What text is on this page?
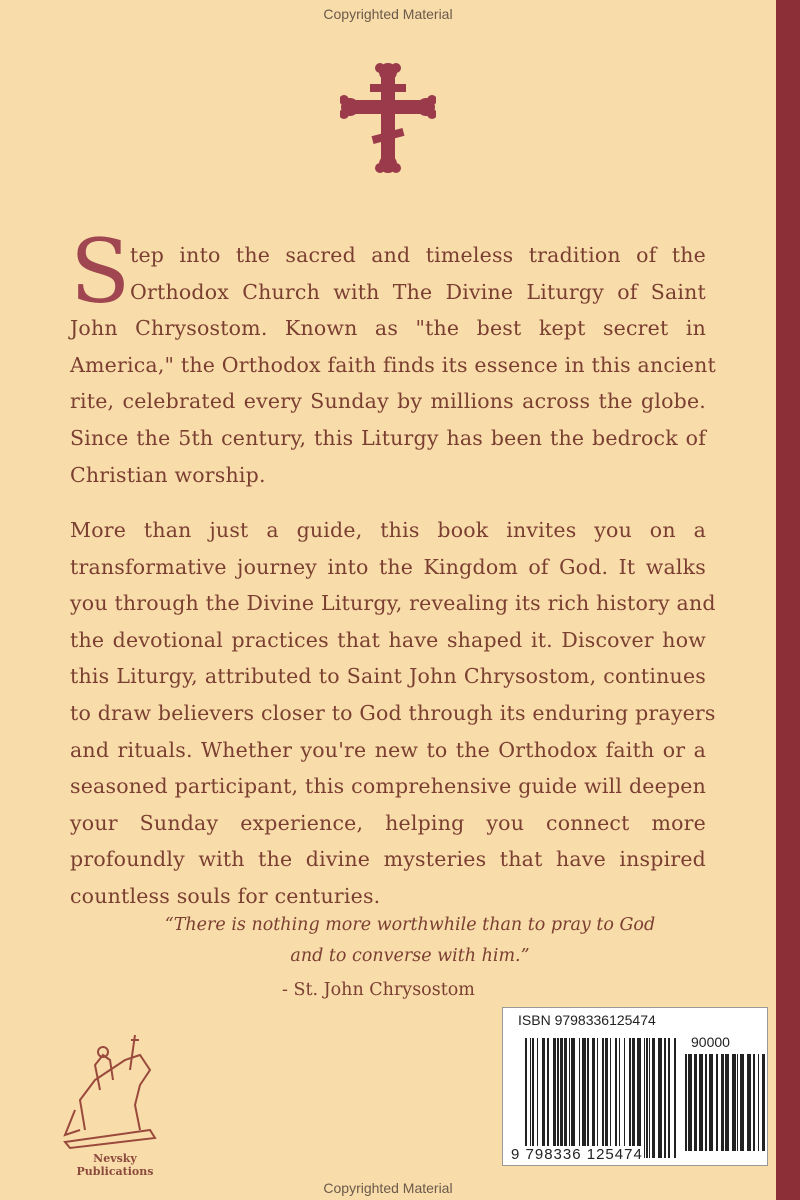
Copyrighted Material
Copyrighted Material
S tep into the sacred and timeless tradition of the
Orthodox Church with The Divine Liturgy of Saint
John Chrysostom. Known as "the best kept secret in
America," the Orthodox faith finds its essence in this ancient
rite, celebrated every Sunday by millions across the globe.
Since the 5th century, this Liturgy has been the bedrock of
Christian worship.
More than just a guide, this book invites you on a
transformative journey into the Kingdom of God. It walks
you through the Divine Liturgy, revealing its rich history and
the devotional practices that have shaped it. Discover how
this Liturgy, attributed to Saint John Chrysostom, continues
to draw believers closer to God through its enduring prayers
and rituals. Whether you're new to the Orthodox faith or a
seasoned participant, this comprehensive guide will deepen
your Sunday experience, helping you connect more
profoundly with the divine mysteries that have inspired
countless souls for centuries.
“There is nothing more worthwhile than to pray to God
and to converse with him.”
- St. John Chrysostom
ISBN 9798336125474
90000
9 798336 125474
Nevsky Publications
